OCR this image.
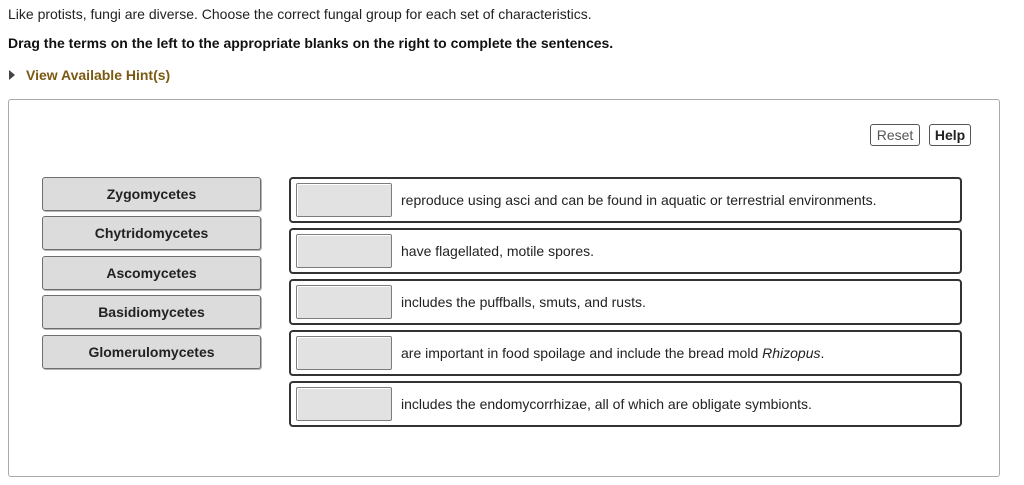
Like protists, fungi are diverse. Choose the correct fungal group for each set of characteristics.
Drag the terms on the left to the appropriate blanks on the right to complete the sentences.
View Available Hint(s)
Reset	Help
Zygomycetes
Chytridomycetes
Ascomycetes
Basidiomycetes
Glomerulomycetes
reproduce using asci and can be found in aquatic or terrestrial environments.
have flagellated, motile spores.
includes the puffballs, smuts, and rusts.
are important in food spoilage and include the bread mold Rhizopus.
includes the endomycorrhizae, all of which are obligate symbionts.
